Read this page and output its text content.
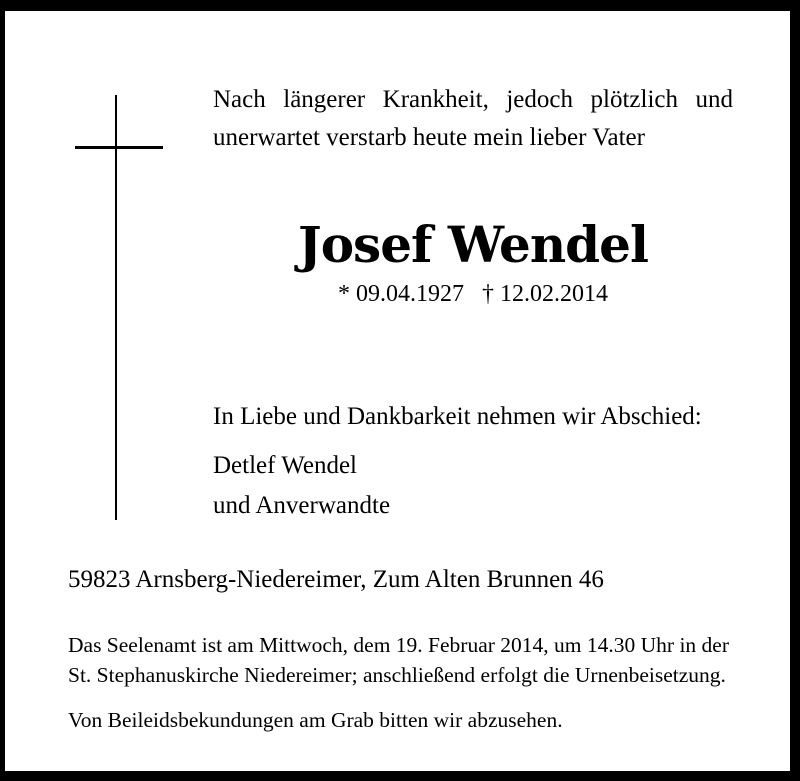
Nach längerer Krankheit, jedoch plötzlich und
unerwartet verstarb heute mein lieber Vater
Josef Wendel
* 09.04.1927 † 12.02.2014
In Liebe und Dankbarkeit nehmen wir Abschied:
Detlef Wendel
und Anverwandte
59823 Arnsberg-Niedereimer, Zum Alten Brunnen 46
Das Seelenamt ist am Mittwoch, dem 19. Februar 2014, um 14.30 Uhr in der
St. Stephanuskirche Niedereimer; anschließend erfolgt die Urnenbeisetzung.
Von Beileidsbekundungen am Grab bitten wir abzusehen.
